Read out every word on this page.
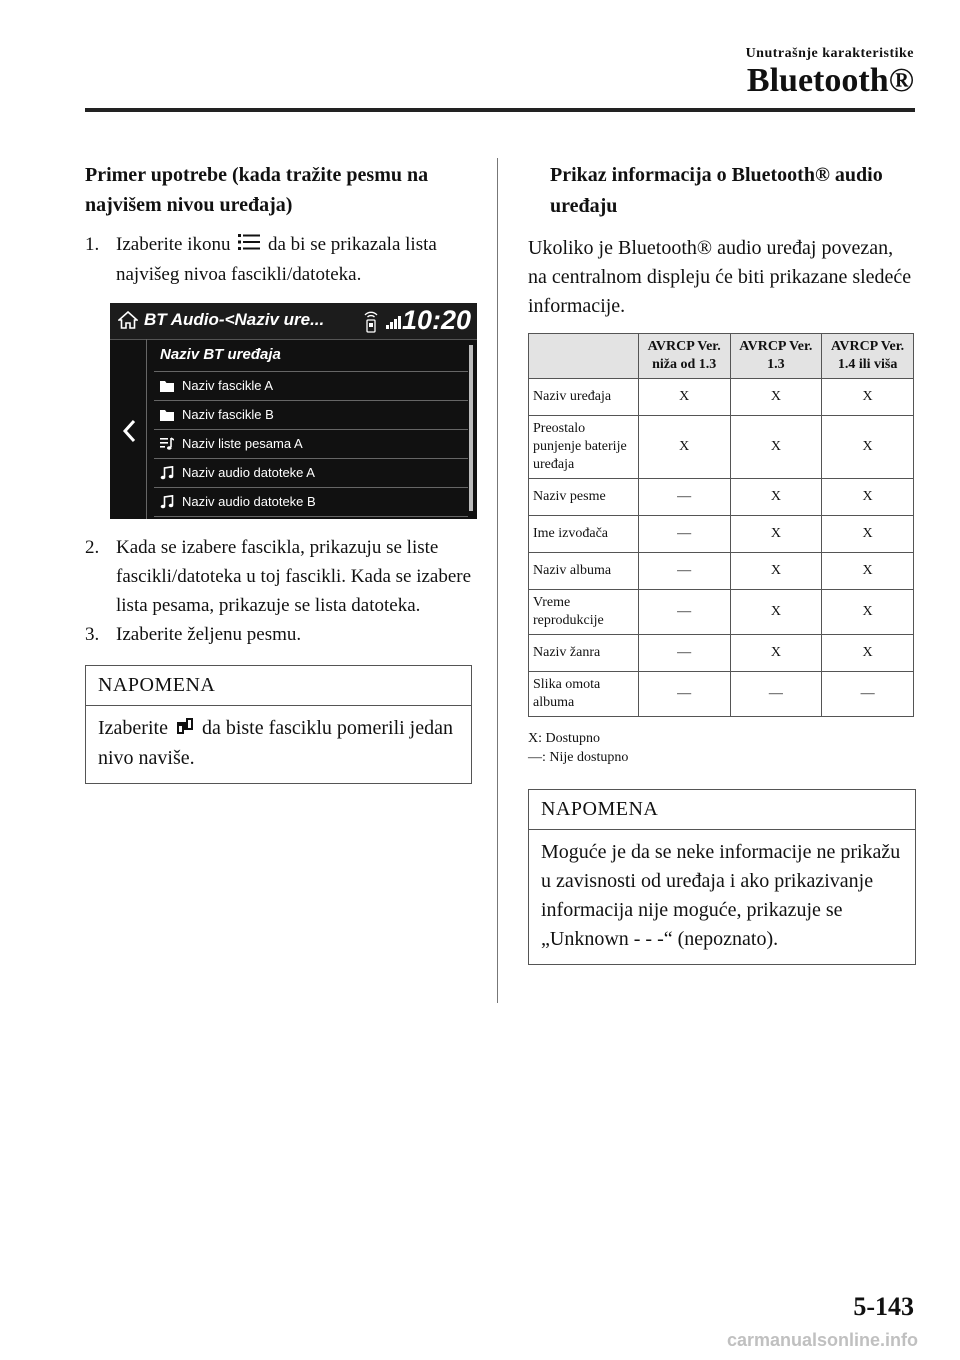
Unutrašnje karakteristike
Bluetooth®
Primer upotrebe (kada tražite pesmu na najvišem nivou uređaja)
1. Izaberite ikonu da bi se prikazala lista najvišeg nivoa fascikli/datoteka.
BT Audio-<Naziv ure...	10:20
Naziv BT uređaja
Naziv fascikle A
Naziv fascikle B
Naziv liste pesama A
Naziv audio datoteke A
Naziv audio datoteke B
2. Kada se izabere fascikla, prikazuju se liste fascikli/datoteka u toj fascikli. Kada se izabere lista pesama, prikazuje se lista datoteka.
3. Izaberite željenu pesmu.
NAPOMENA
Izaberite da biste fasciklu pomerili jedan nivo naviše.
Prikaz informacija o Bluetooth® audio uređaju

Ukoliko je Bluetooth® audio uređaj povezan, na centralnom displeju će biti prikazane sledeće informacije.

	AVRCP Ver. niža od 1.3	AVRCP Ver. 1.3	AVRCP Ver. 1.4 ili viša
Naziv uređaja	X	X	X
Preostalo punjenje baterije uređaja	X	X	X
Naziv pesme	—	X	X
Ime izvođača	—	X	X
Naziv albuma	—	X	X
Vreme reprodukcije	—	X	X
Naziv žanra	—	X	X
Slika omota albuma	—	—	—
X: Dostupno
—: Nije dostupno
NAPOMENA
Moguće je da se neke informacije ne prikažu u zavisnosti od uređaja i ako prikazivanje informacija nije moguće, prikazuje se „Unknown - - -“ (nepoznato).
5-143
carmanualsonline.info
